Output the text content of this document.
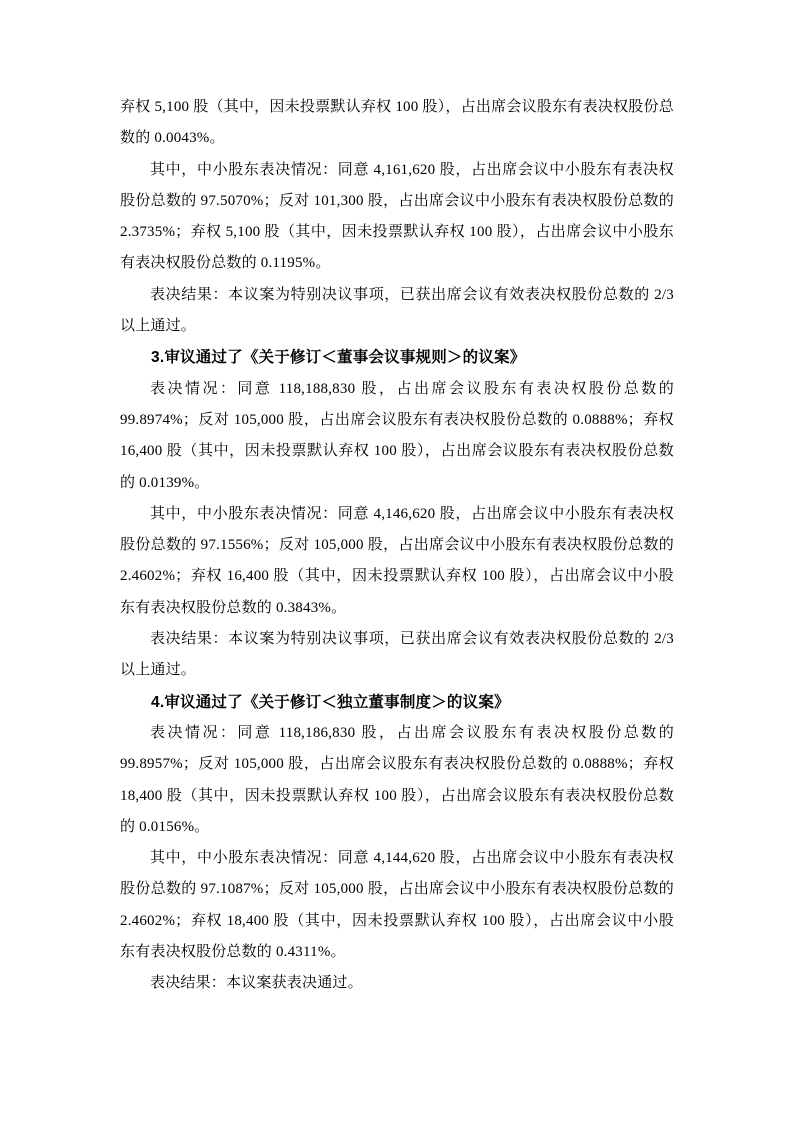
弃权 5,100 股（其中，因未投票默认弃权 100 股），占出席会议股东有表决权股份总数的 0.0043%。

其中，中小股东表决情况：同意 4,161,620 股，占出席会议中小股东有表决权股份总数的 97.5070%；反对 101,300 股，占出席会议中小股东有表决权股份总数的 2.3735%；弃权 5,100 股（其中，因未投票默认弃权 100 股），占出席会议中小股东有表决权股份总数的 0.1195%。

表决结果：本议案为特别决议事项，已获出席会议有效表决权股份总数的 2/3 以上通过。

3.审议通过了《关于修订＜董事会议事规则＞的议案》

表决情况：同意 118,188,830 股，占出席会议股东有表决权股份总数的 99.8974%；反对 105,000 股，占出席会议股东有表决权股份总数的 0.0888%；弃权 16,400 股（其中，因未投票默认弃权 100 股），占出席会议股东有表决权股份总数的 0.0139%。

其中，中小股东表决情况：同意 4,146,620 股，占出席会议中小股东有表决权股份总数的 97.1556%；反对 105,000 股，占出席会议中小股东有表决权股份总数的 2.4602%；弃权 16,400 股（其中，因未投票默认弃权 100 股），占出席会议中小股东有表决权股份总数的 0.3843%。

表决结果：本议案为特别决议事项，已获出席会议有效表决权股份总数的 2/3 以上通过。

4.审议通过了《关于修订＜独立董事制度＞的议案》

表决情况：同意 118,186,830 股，占出席会议股东有表决权股份总数的 99.8957%；反对 105,000 股，占出席会议股东有表决权股份总数的 0.0888%；弃权 18,400 股（其中，因未投票默认弃权 100 股），占出席会议股东有表决权股份总数的 0.0156%。

其中，中小股东表决情况：同意 4,144,620 股，占出席会议中小股东有表决权股份总数的 97.1087%；反对 105,000 股，占出席会议中小股东有表决权股份总数的 2.4602%；弃权 18,400 股（其中，因未投票默认弃权 100 股），占出席会议中小股东有表决权股份总数的 0.4311%。

表决结果：本议案获表决通过。
